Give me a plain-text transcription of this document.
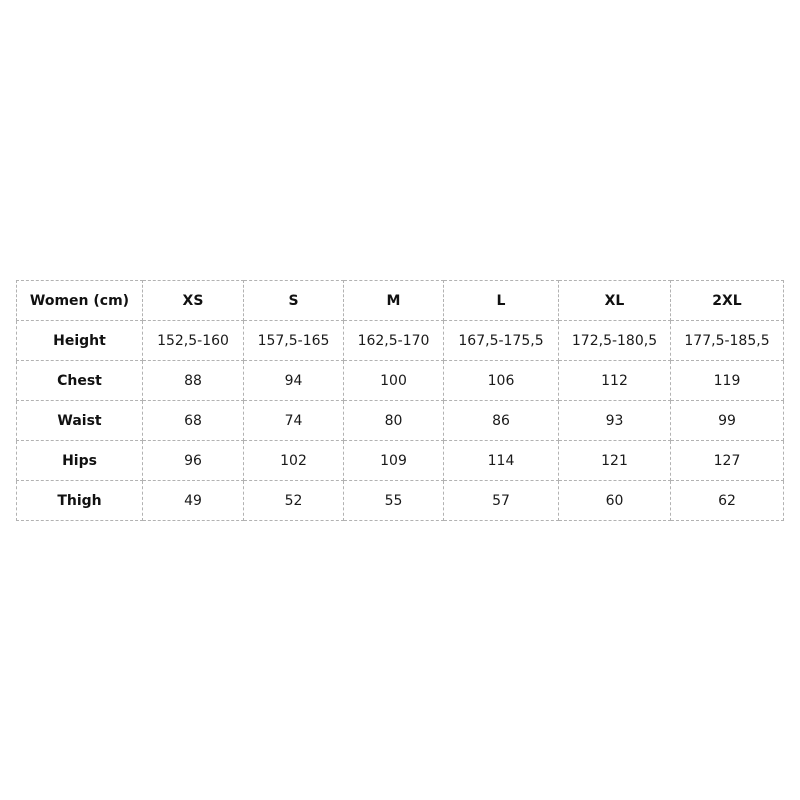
Women (cm)	XS	S	M	L	XL	2XL
Height	152,5-160	157,5-165	162,5-170	167,5-175,5	172,5-180,5	177,5-185,5
Chest	88	94	100	106	112	119
Waist	68	74	80	86	93	99
Hips	96	102	109	114	121	127
Thigh	49	52	55	57	60	62
